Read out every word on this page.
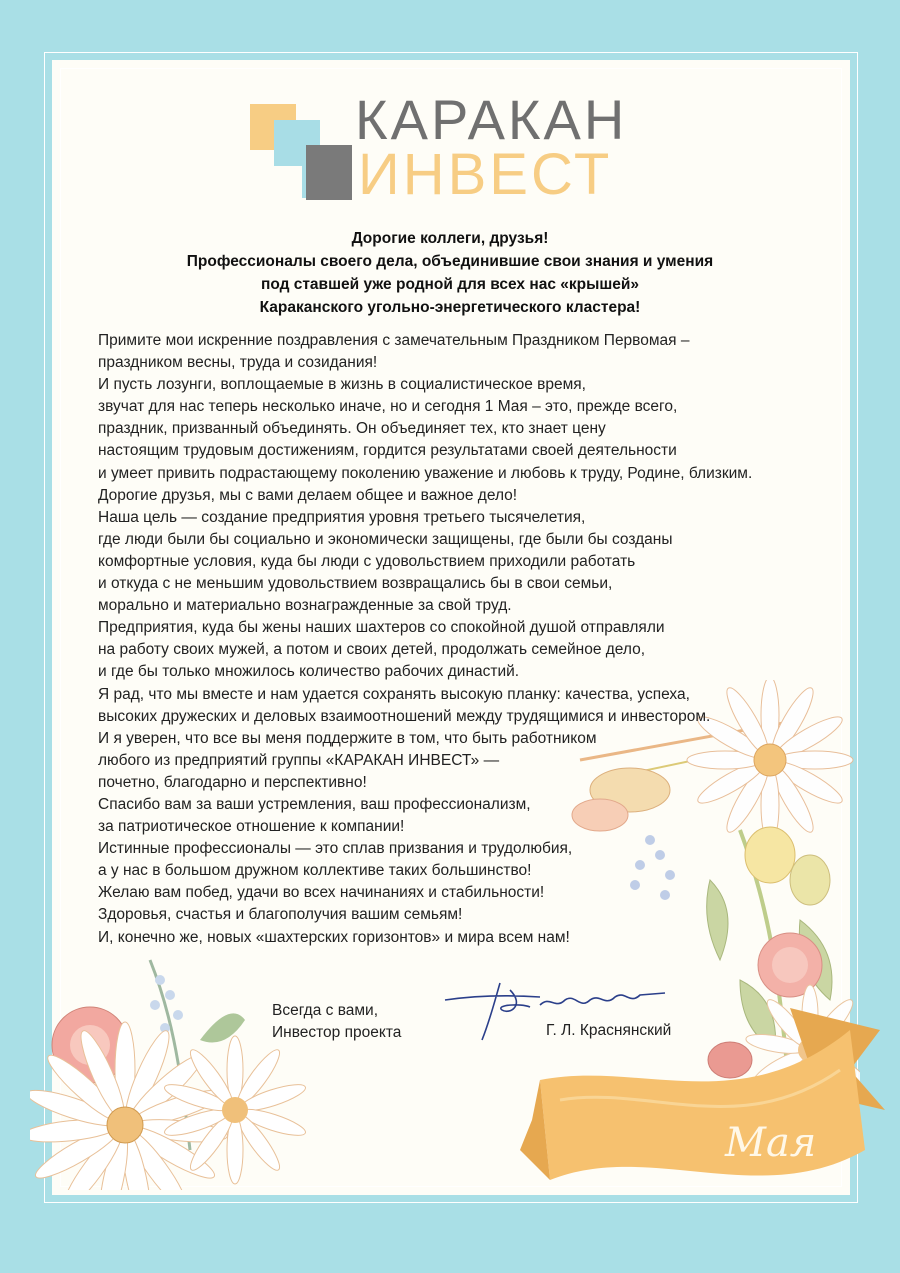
КАРАКАН
ИНВЕСТ
Дорогие коллеги, друзья!
Профессионалы своего дела, объединившие свои знания и умения
под ставшей уже родной для всех нас «крышей»
Караканского угольно-энергетического кластера!
Мая
Примите мои искренние поздравления с замечательным Праздником Первомая –
праздником весны, труда и созидания!
И пусть лозунги, воплощаемые в жизнь в социалистическое время,
звучат для нас теперь несколько иначе, но и сегодня 1 Мая – это, прежде всего,
праздник, призванный объединять. Он объединяет тех, кто знает цену
настоящим трудовым достижениям, гордится результатами своей деятельности
и умеет привить подрастающему поколению уважение и любовь к труду, Родине, близким.
Дорогие друзья, мы с вами делаем общее и важное дело!
Наша цель — создание предприятия уровня третьего тысячелетия,
где люди были бы социально и экономически защищены, где были бы созданы
комфортные условия, куда бы люди с удовольствием приходили работать
и откуда с не меньшим удовольствием возвращались бы в свои семьи,
морально и материально вознагражденные за свой труд.
Предприятия, куда бы жены наших шахтеров со спокойной душой отправляли
на работу своих мужей, а потом и своих детей, продолжать семейное дело,
и где бы только множилось количество рабочих династий.
Я рад, что мы вместе и нам удается сохранять высокую планку: качества, успеха,
высоких дружеских и деловых взаимоотношений между трудящимися и инвестором.
И я уверен, что все вы меня поддержите в том, что быть работником
любого из предприятий группы «КАРАКАН ИНВЕСТ» —
почетно, благодарно и перспективно!
Спасибо вам за ваши устремления, ваш профессионализм,
за патриотическое отношение к компании!
Истинные профессионалы — это сплав призвания и трудолюбия,
а у нас в большом дружном коллективе таких большинство!
Желаю вам побед, удачи во всех начинаниях и стабильности!
Здоровья, счастья и благополучия вашим семьям!
И, конечно же, новых «шахтерских горизонтов» и мира всем нам!
Всегда с вами,
Инвестор проекта	Г. Л. Краснянский
